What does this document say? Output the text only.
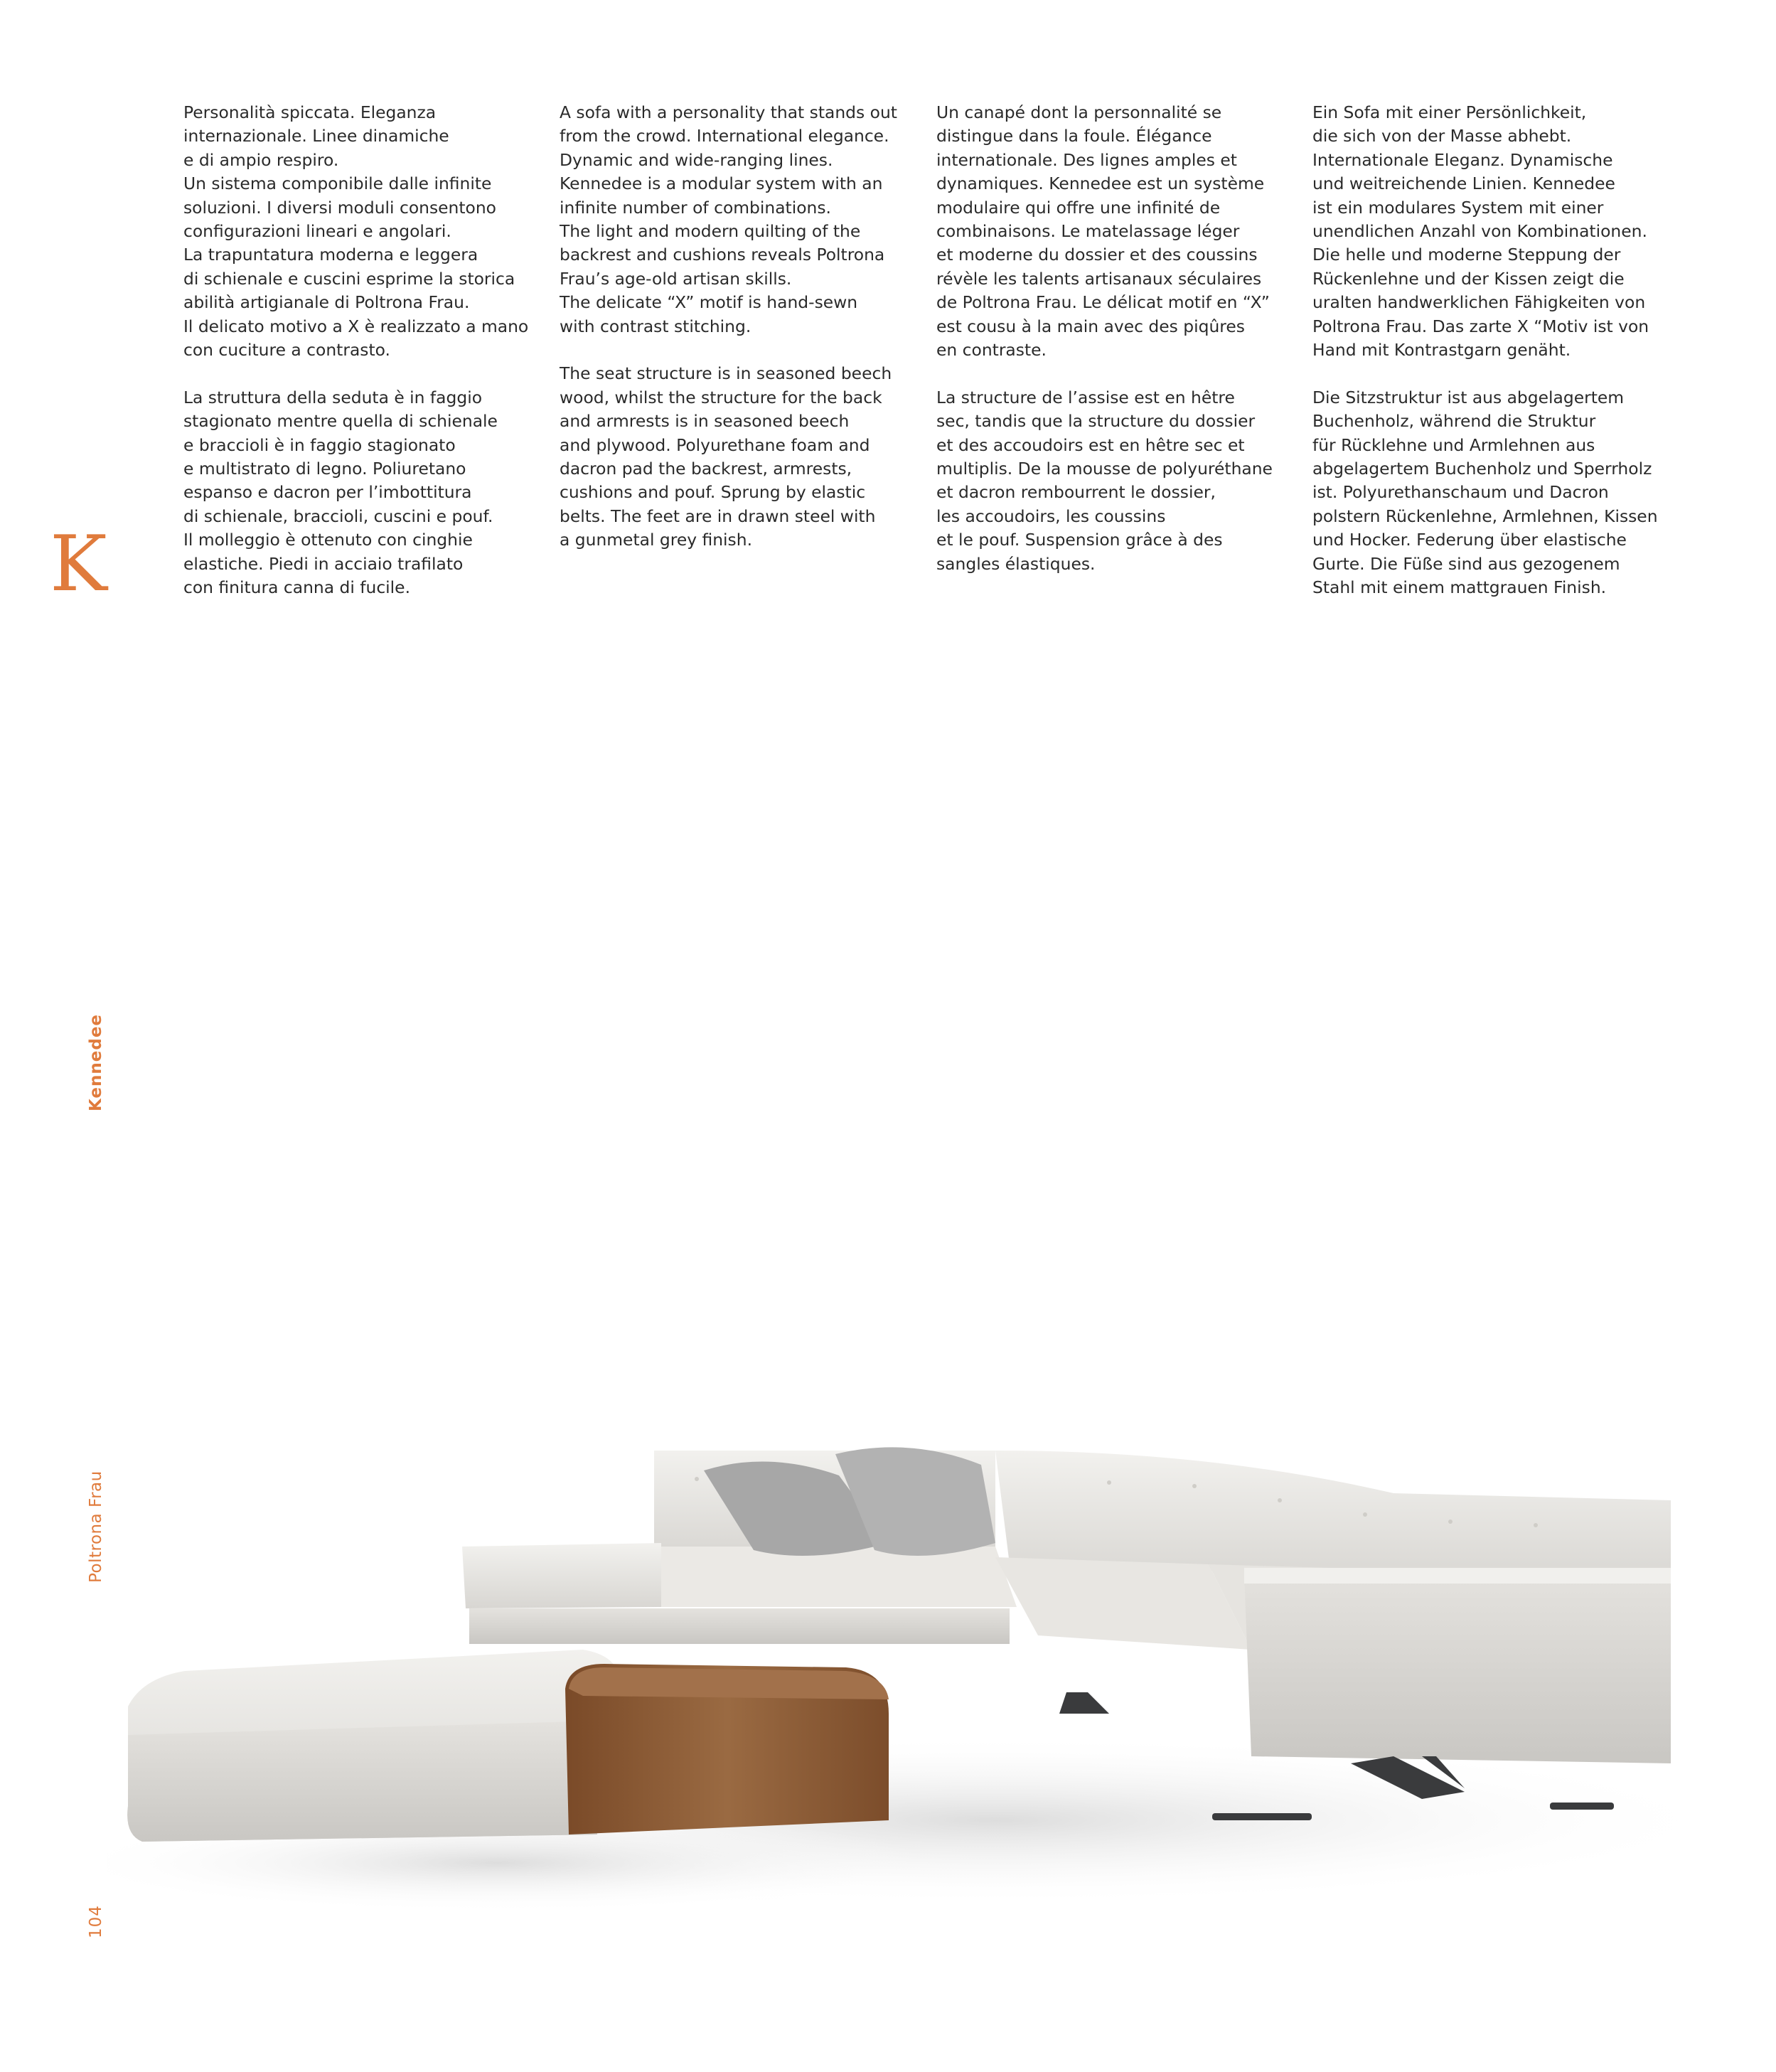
K

Personalità spiccata. Eleganza
internazionale. Linee dinamiche
e di ampio respiro.
Un sistema componibile dalle infinite
soluzioni. I diversi moduli consentono
configurazioni lineari e angolari.
La trapuntatura moderna e leggera
di schienale e cuscini esprime la storica
abilità artigianale di Poltrona Frau.
Il delicato motivo a X è realizzato a mano
con cuciture a contrasto.

La struttura della seduta è in faggio
stagionato mentre quella di schienale
e braccioli è in faggio stagionato
e multistrato di legno. Poliuretano
espanso e dacron per l’imbottitura
di schienale, braccioli, cuscini e pouf.
Il molleggio è ottenuto con cinghie
elastiche. Piedi in acciaio trafilato
con finitura canna di fucile.

A sofa with a personality that stands out
from the crowd. International elegance.
Dynamic and wide-ranging lines.
Kennedee is a modular system with an
infinite number of combinations.
The light and modern quilting of the
backrest and cushions reveals Poltrona
Frau’s age-old artisan skills.
The delicate “X” motif is hand-sewn
with contrast stitching.

The seat structure is in seasoned beech
wood, whilst the structure for the back
and armrests is in seasoned beech
and plywood. Polyurethane foam and
dacron pad the backrest, armrests,
cushions and pouf. Sprung by elastic
belts. The feet are in drawn steel with
a gunmetal grey finish.

Un canapé dont la personnalité se
distingue dans la foule. Élégance
internationale. Des lignes amples et
dynamiques. Kennedee est un système
modulaire qui offre une infinité de
combinaisons. Le matelassage léger
et moderne du dossier et des coussins
révèle les talents artisanaux séculaires
de Poltrona Frau. Le délicat motif en “X”
est cousu à la main avec des piqûres
en contraste.

La structure de l’assise est en hêtre
sec, tandis que la structure du dossier
et des accoudoirs est en hêtre sec et
multiplis. De la mousse de polyuréthane
et dacron rembourrent le dossier,
les accoudoirs, les coussins
et le pouf. Suspension grâce à des
sangles élastiques.

Ein Sofa mit einer Persönlichkeit,
die sich von der Masse abhebt.
Internationale Eleganz. Dynamische
und weitreichende Linien. Kennedee
ist ein modulares System mit einer
unendlichen Anzahl von Kombinationen.
Die helle und moderne Steppung der
Rückenlehne und der Kissen zeigt die
uralten handwerklichen Fähigkeiten von
Poltrona Frau. Das zarte X “Motiv ist von
Hand mit Kontrastgarn genäht.

Die Sitzstruktur ist aus abgelagertem
Buchenholz, während die Struktur
für Rücklehne und Armlehnen aus
abgelagertem Buchenholz und Sperrholz
ist. Polyurethanschaum und Dacron
polstern Rückenlehne, Armlehnen, Kissen
und Hocker. Federung über elastische
Gurte. Die Füße sind aus gezogenem
Stahl mit einem mattgrauen Finish.

Kennedee
Poltrona Frau
104
